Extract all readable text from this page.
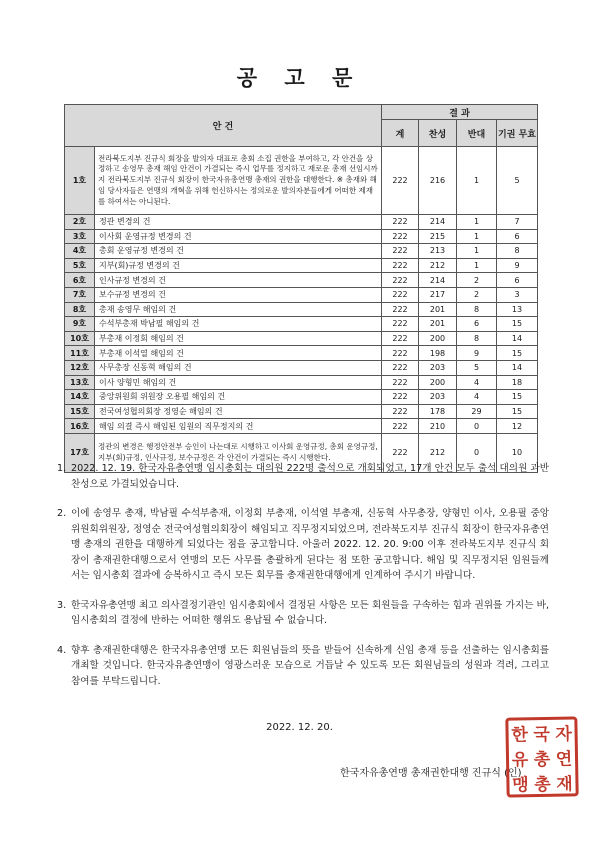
공 고 문
안 건		결 과			
		계	찬성	반대	기권 무효
1호	전라북도지부 진규식 회장을 발의자 대표로 총회 소집 권한을 부여하고, 각 안건을 상정하고 송영무 총재 해임 안건이 가결되는 즉시 업무를 정지하고 재로운 총재 선임시까지 전라북도지부 진규식 회장이 한국자유총연맹 총재의 권한을 대행한다. ※ 총재와 해임 당사자들은 연맹의 개혁을 위해 헌신하시는 정의로운 발의자분들에게 어떠한 제재를 하여서는 아니된다.	222	216	1	5
2호	정관 변경의 건	222	214	1	7
3호	이사회 운영규정 변경의 건	222	215	1	6
4호	총회 운영규정 변경의 건	222	213	1	8
5호	지부(회)규정 변경의 건	222	212	1	9
6호	인사규정 변경의 건	222	214	2	6
7호	보수규정 변경의 건	222	217	2	3
8호	총재 송영무 해임의 건	222	201	8	13
9호	수석부총재 박남필 해임의 건	222	201	6	15
10호	부총재 이정회 해임의 건	222	200	8	14
11호	부총재 이석열 해임의 건	222	198	9	15
12호	사무총장 신동혁 해임의 건	222	203	5	14
13호	이사 양형민 해임의 건	222	200	4	18
14호	중앙위원회 위원장 오용필 해임의 건	222	203	4	15
15호	전국여성협의회장 정영순 해임의 건	222	178	29	15
16호	해임 의결 즉시 해임된 임원의 직무정지의 건	222	210	0	12
17호	정관의 변경은 행정안전부 승인이 나는대로 시행하고 이사회 운영규정, 총회 운영규정, 지부(회)규정, 인사규정, 보수규정은 각 안건이 가결되는 즉시 시행한다.	222	212	0	10
1. 2022. 12. 19. 한국자유총연맹 임시총회는 대의원 222명 출석으로 개회되었고, 17개 안건 모두 출석 대의원 과반 찬성으로 가결되었습니다.
2. 이에 송영무 총재, 박남필 수석부총재, 이정회 부총재, 이석열 부총재, 신동혁 사무총장, 양형민 이사, 오용필 중앙위원회위원장, 정영순 전국여성협의회장이 해임되고 직무정지되었으며, 전라북도지부 진규식 회장이 한국자유총연맹 총재의 권한을 대행하게 되었다는 점을 공고합니다. 아울러 2022. 12. 20. 9:00 이후 전라북도지부 진규식 회장이 총재권한대행으로서 연맹의 모든 사무를 총괄하게 된다는 점 또한 공고합니다. 해임 및 직무정지된 임원들께서는 임시총회 결과에 승복하시고 즉시 모든 회무를 총재권한대행에게 인계하여 주시기 바랍니다.
3. 한국자유총연맹 최고 의사결정기관인 임시총회에서 결정된 사항은 모든 회원들을 구속하는 힘과 권위를 가지는 바, 임시총회의 결정에 반하는 어떠한 행위도 용납될 수 없습니다.
4. 향후 총재권한대행은 한국자유총연맹 모든 회원님들의 뜻을 받들어 신속하게 신임 총재 등을 선출하는 임시총회를 개최할 것입니다. 한국자유총연맹이 영광스러운 모습으로 거듭날 수 있도록 모든 회원님들의 성원과 격려, 그리고 참여를 부탁드립니다.
2022. 12. 20.
한국자유총연맹 총재권한대행 진규식 (인)
한 국 자
유 총 연
맹 총 재
